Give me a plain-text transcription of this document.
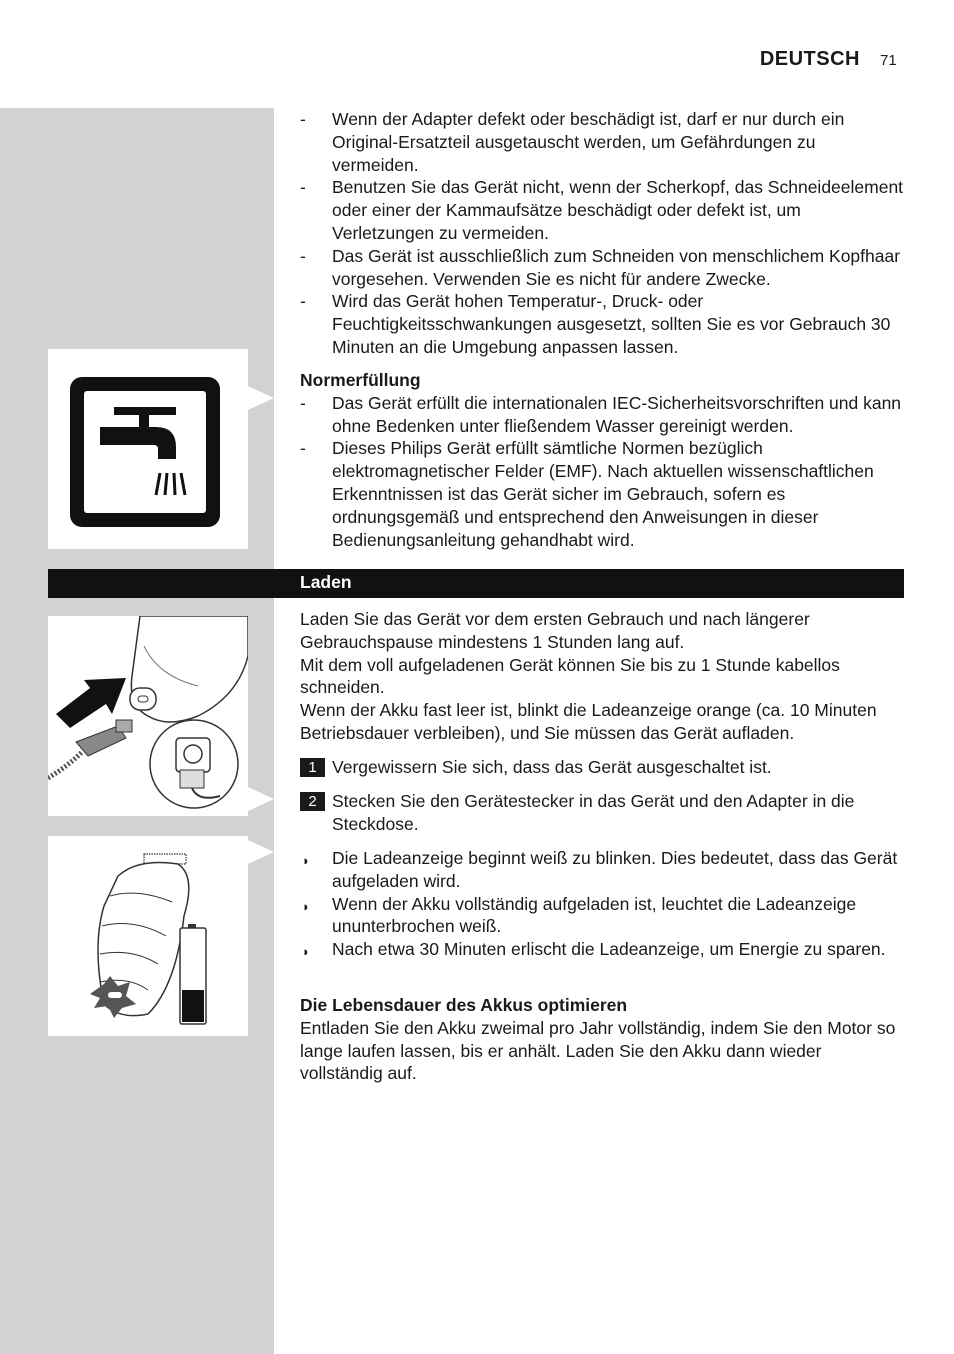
DEUTSCH 71
- Wenn der Adapter defekt oder beschädigt ist, darf er nur durch ein Original-Ersatzteil ausgetauscht werden, um Gefährdungen zu vermeiden.
- Benutzen Sie das Gerät nicht, wenn der Scherkopf, das Schneideelement oder einer der Kammaufsätze beschädigt oder defekt ist, um Verletzungen zu vermeiden.
- Das Gerät ist ausschließlich zum Schneiden von menschlichem Kopfhaar vorgesehen. Verwenden Sie es nicht für andere Zwecke.
- Wird das Gerät hohen Temperatur-, Druck- oder Feuchtigkeitsschwankungen ausgesetzt, sollten Sie es vor Gebrauch 30 Minuten an die Umgebung anpassen lassen.
Normerfüllung
- Das Gerät erfüllt die internationalen IEC-Sicherheitsvorschriften und kann ohne Bedenken unter fließendem Wasser gereinigt werden.
- Dieses Philips Gerät erfüllt sämtliche Normen bezüglich elektromagnetischer Felder (EMF). Nach aktuellen wissenschaftlichen Erkenntnissen ist das Gerät sicher im Gebrauch, sofern es ordnungsgemäß und entsprechend den Anweisungen in dieser Bedienungsanleitung gehandhabt wird.
Laden
Laden Sie das Gerät vor dem ersten Gebrauch und nach längerer Gebrauchspause mindestens 1 Stunden lang auf.
Mit dem voll aufgeladenen Gerät können Sie bis zu 1 Stunde kabellos schneiden.
Wenn der Akku fast leer ist, blinkt die Ladeanzeige orange (ca. 10 Minuten Betriebsdauer verbleiben), und Sie müssen das Gerät aufladen.
1 Vergewissern Sie sich, dass das Gerät ausgeschaltet ist.
2 Stecken Sie den Gerätestecker in das Gerät und den Adapter in die Steckdose.
◗ Die Ladeanzeige beginnt weiß zu blinken. Dies bedeutet, dass das Gerät aufgeladen wird.
◗ Wenn der Akku vollständig aufgeladen ist, leuchtet die Ladeanzeige ununterbrochen weiß.
◗ Nach etwa 30 Minuten erlischt die Ladeanzeige, um Energie zu sparen.
Die Lebensdauer des Akkus optimieren
Entladen Sie den Akku zweimal pro Jahr vollständig, indem Sie den Motor so lange laufen lassen, bis er anhält. Laden Sie den Akku dann wieder vollständig auf.
